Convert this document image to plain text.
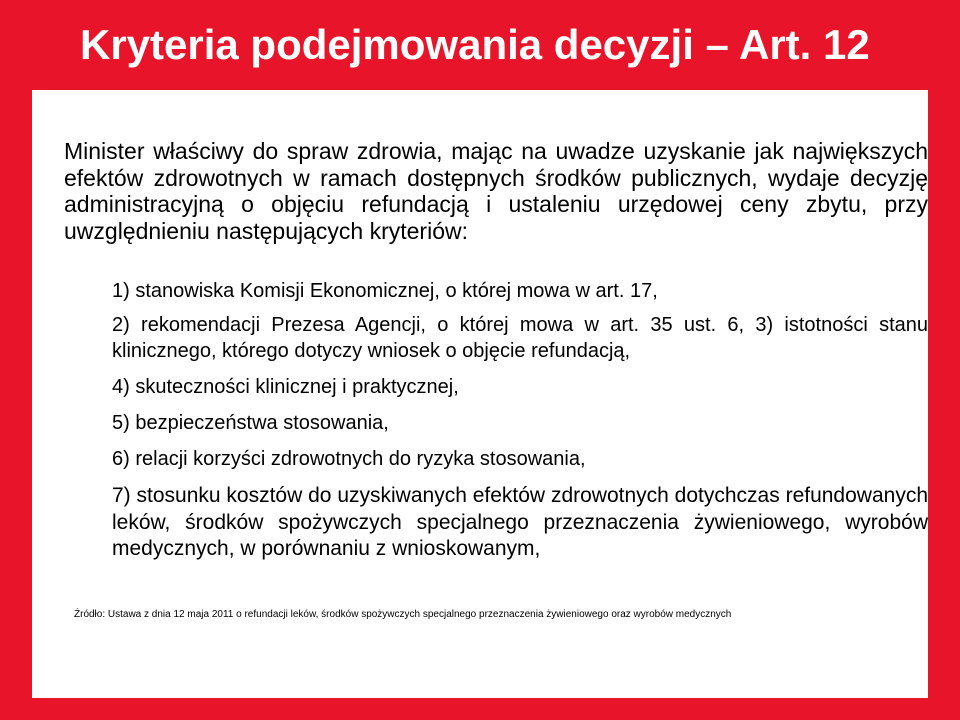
Kryteria podejmowania decyzji – Art. 12

Minister właściwy do spraw zdrowia, mając na uwadze uzyskanie jak największych efektów zdrowotnych w ramach dostępnych środków publicznych, wydaje decyzję administracyjną o objęciu refundacją i ustaleniu urzędowej ceny zbytu, przy uwzględnieniu następujących kryteriów:

1) stanowiska Komisji Ekonomicznej, o której mowa w art. 17,
2) rekomendacji Prezesa Agencji, o której mowa w art. 35 ust. 6, 3) istotności stanu klinicznego, którego dotyczy wniosek o objęcie refundacją,
4) skuteczności klinicznej i praktycznej,
5) bezpieczeństwa stosowania,
6) relacji korzyści zdrowotnych do ryzyka stosowania,
7) stosunku kosztów do uzyskiwanych efektów zdrowotnych dotychczas refundowanych leków, środków spożywczych specjalnego przeznaczenia żywieniowego, wyrobów medycznych, w porównaniu z wnioskowanym,

Źródło: Ustawa z dnia 12 maja 2011 o refundacji leków, środków spożywczych specjalnego przeznaczenia żywieniowego oraz wyrobów medycznych
